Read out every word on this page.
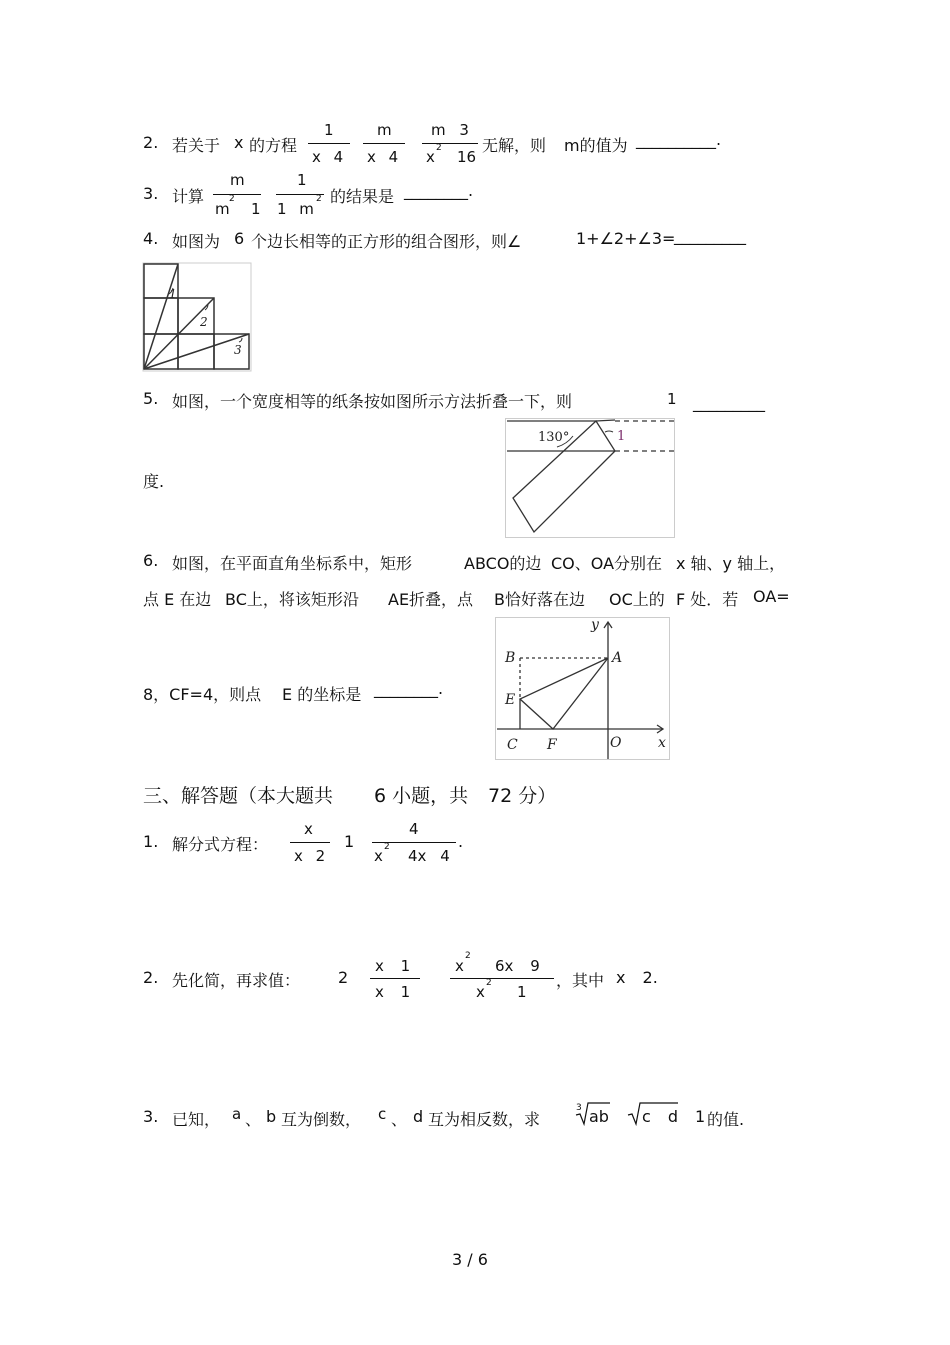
2. 若关于 x 的方程
1
x 4
m
x 4
m 3
x 2 16
无解，则 m的值为 __________.
3. 计算
m
m
2
1
1
1 m
2 的结果是 ________.
4. 如图为 6 个边长相等的正方形的组合图形，则∠	1+∠2+∠3=
_________
1
2
3
5. 如图，一个宽度相等的纸条按如图所示方法折叠一下，则	1 _________
度.
130°	1
6. 如图，在平面直角坐标系中，矩形	ABCO的边 CO、OA分别在 x 轴、y 轴上，
点 E 在边 BC上，将该矩形沿 AE折叠，点 B恰好落在边 OC上的 F 处．若 OA=
8，CF=4，则点 E 的坐标是 ________.
y
B	A
E
C F	O	x
三、解答题（本大题共 6 小题，共 72 分）
1. 解分式方程：
x
x 2
1
4
x 2 4x 4
.
2. 先化简，再求值： 2
x 1
x 1
x
2
6x 9
x 2 1
，其中 x 2.
3. 已知， a 、 b 互为倒数， c 、 d 互为相反数，求
3 ab c d 1 的值.
3 / 6
